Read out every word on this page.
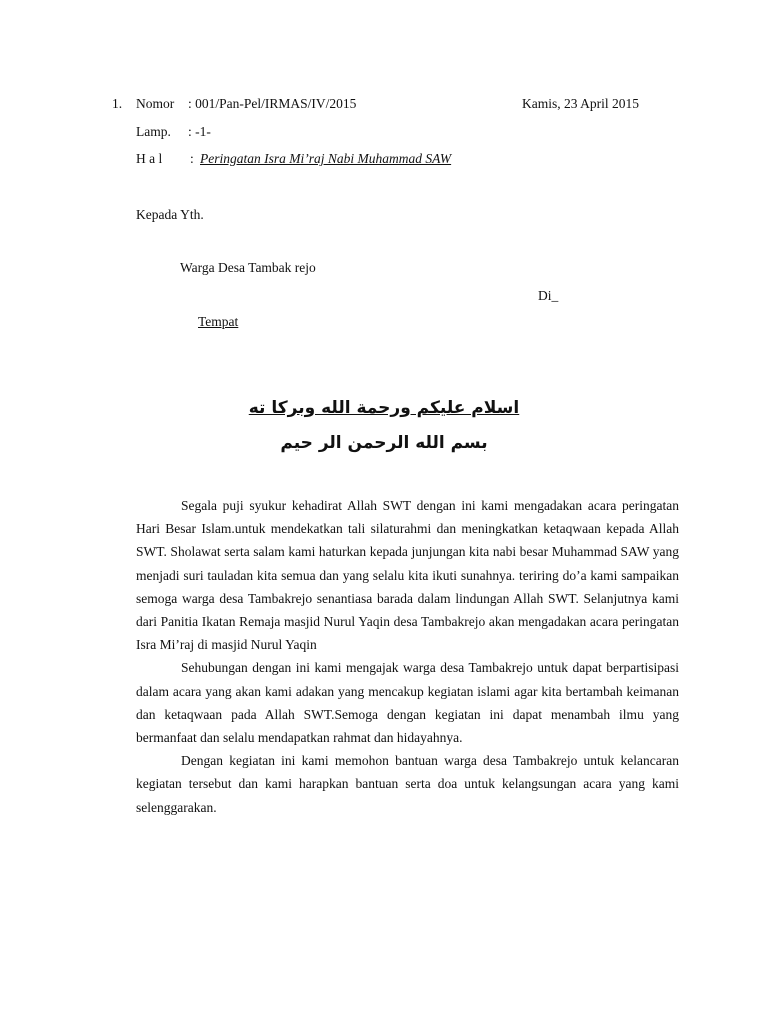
1. Nomor : 001/Pan-Pel/IRMAS/IV/2015	Kamis, 23 April 2015
Lamp. : -1-
H a l : Peringatan Isra Mi’raj Nabi Muhammad SAW
Kepada Yth.
Warga Desa Tambak rejo
Di_
Tempat
اسلام عليكم ورحمة الله وبركا ته
بسم الله الرحمن الر حيم

Segala puji syukur kehadirat Allah SWT dengan ini kami mengadakan acara peringatan Hari Besar Islam.untuk mendekatkan tali silaturahmi dan meningkatkan ketaqwaan kepada Allah SWT. Sholawat serta salam kami haturkan kepada junjungan kita nabi besar Muhammad SAW yang menjadi suri tauladan kita semua dan yang selalu kita ikuti sunahnya. teriring do’a kami sampaikan semoga warga desa Tambakrejo senantiasa barada dalam lindungan Allah SWT. Selanjutnya kami dari Panitia Ikatan Remaja masjid Nurul Yaqin desa Tambakrejo akan mengadakan acara peringatan Isra Mi’raj di masjid Nurul Yaqin

Sehubungan dengan ini kami mengajak warga desa Tambakrejo untuk dapat berpartisipasi dalam acara yang akan kami adakan yang mencakup kegiatan islami agar kita bertambah keimanan dan ketaqwaan pada Allah SWT.Semoga dengan kegiatan ini dapat menambah ilmu yang bermanfaat dan selalu mendapatkan rahmat dan hidayahnya.

Dengan kegiatan ini kami memohon bantuan warga desa Tambakrejo untuk kelancaran kegiatan tersebut dan kami harapkan bantuan serta doa untuk kelangsungan acara yang kami selenggarakan.
